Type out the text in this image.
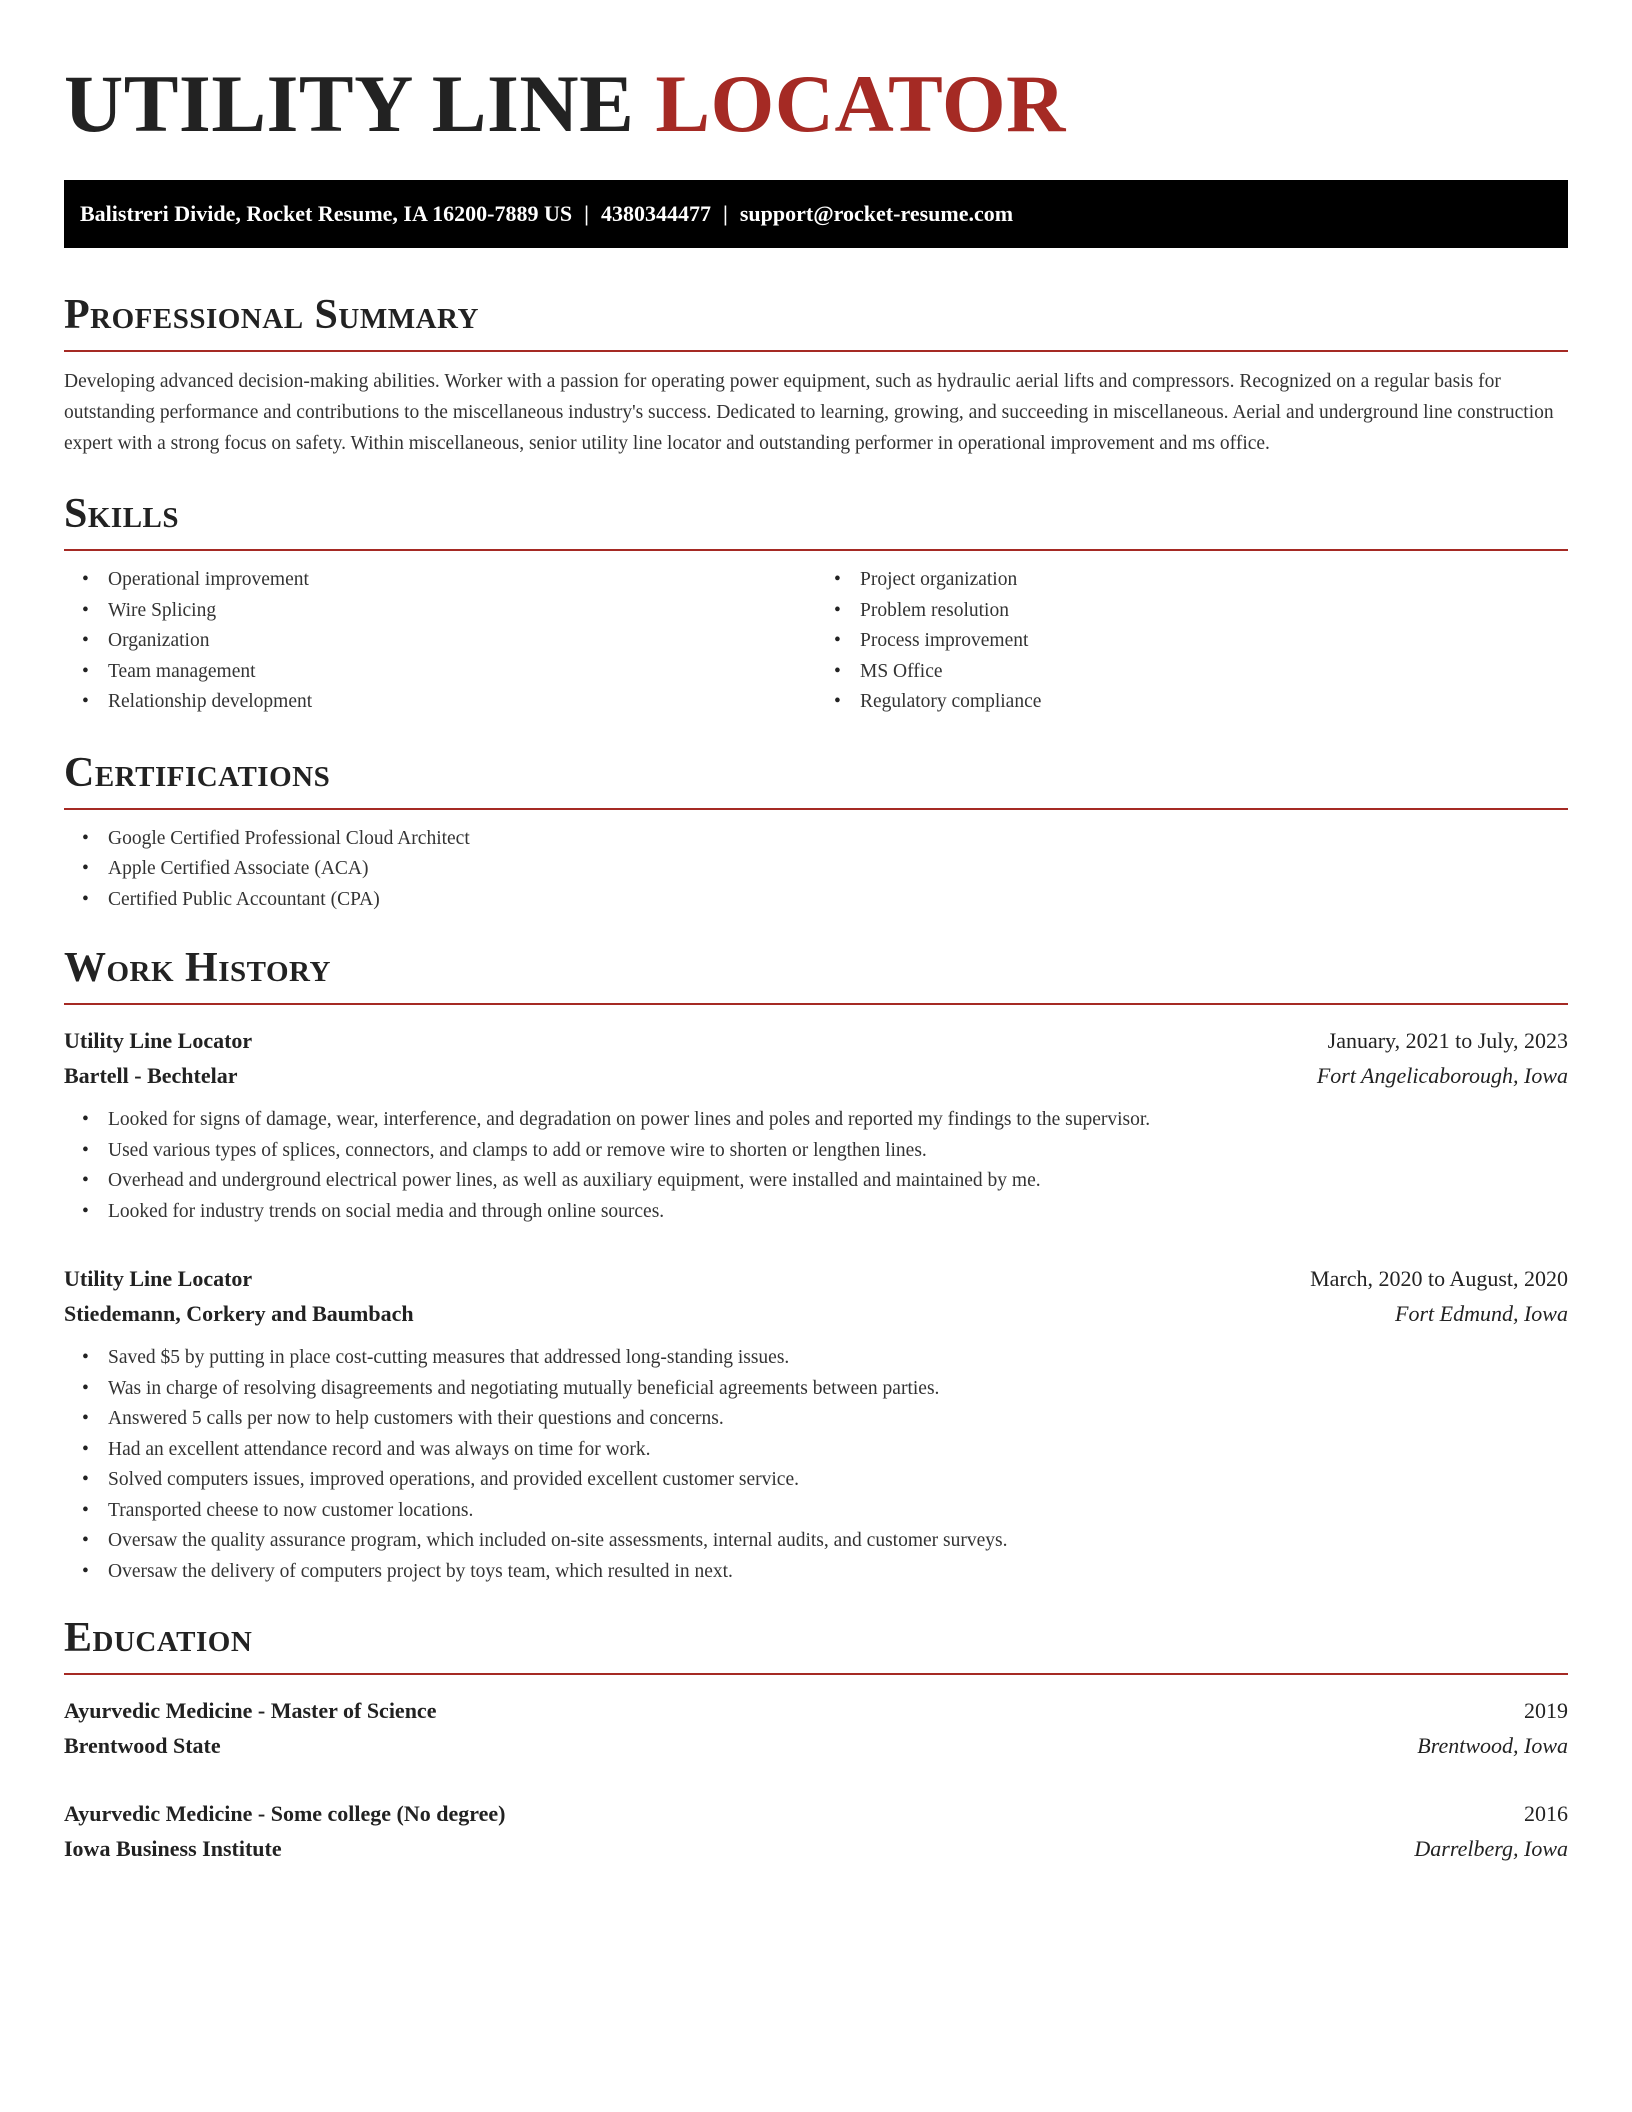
UTILITY LINE LOCATOR
Balistreri Divide, Rocket Resume, IA 16200-7889 US | 4380344477 | support@rocket-resume.com
Professional Summary

Developing advanced decision-making abilities. Worker with a passion for operating power equipment, such as hydraulic aerial lifts and compressors. Recognized on a regular basis for outstanding performance and contributions to the miscellaneous industry's success. Dedicated to learning, growing, and succeeding in miscellaneous. Aerial and underground line construction expert with a strong focus on safety. Within miscellaneous, senior utility line locator and outstanding performer in operational improvement and ms office.

Skills
• Operational improvement
• Wire Splicing
• Organization
• Team management
• Relationship development
• Project organization
• Problem resolution
• Process improvement
• MS Office
• Regulatory compliance
Certifications
• Google Certified Professional Cloud Architect
• Apple Certified Associate (ACA)
• Certified Public Accountant (CPA)
Work History
Utility Line Locator	January, 2021 to July, 2023
Bartell - Bechtelar	Fort Angelicaborough, Iowa
• Looked for signs of damage, wear, interference, and degradation on power lines and poles and reported my findings to the supervisor.
• Used various types of splices, connectors, and clamps to add or remove wire to shorten or lengthen lines.
• Overhead and underground electrical power lines, as well as auxiliary equipment, were installed and maintained by me.
• Looked for industry trends on social media and through online sources.
Utility Line Locator	March, 2020 to August, 2020
Stiedemann, Corkery and Baumbach	Fort Edmund, Iowa
• Saved $5 by putting in place cost-cutting measures that addressed long-standing issues.
• Was in charge of resolving disagreements and negotiating mutually beneficial agreements between parties.
• Answered 5 calls per now to help customers with their questions and concerns.
• Had an excellent attendance record and was always on time for work.
• Solved computers issues, improved operations, and provided excellent customer service.
• Transported cheese to now customer locations.
• Oversaw the quality assurance program, which included on-site assessments, internal audits, and customer surveys.
• Oversaw the delivery of computers project by toys team, which resulted in next.
Education
Ayurvedic Medicine - Master of Science	2019
Brentwood State	Brentwood, Iowa
Ayurvedic Medicine - Some college (No degree)	2016
Iowa Business Institute	Darrelberg, Iowa
